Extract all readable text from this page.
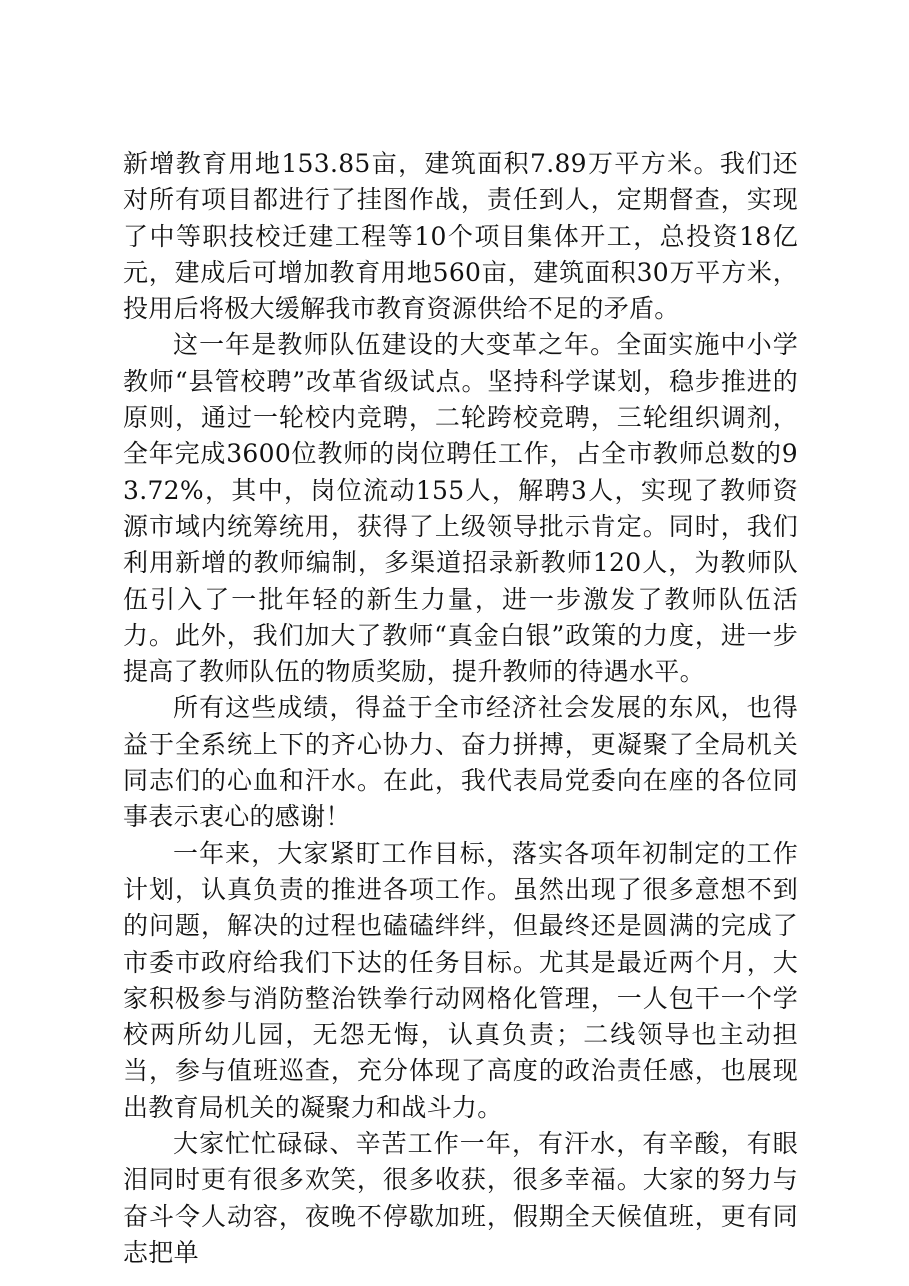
新增教育用地153.85亩，建筑面积7.89万平方米。我们还对所有项目都进行了挂图作战，责任到人，定期督查，实现了中等职技校迁建工程等10个项目集体开工，总投资18亿元，建成后可增加教育用地560亩，建筑面积30万平方米，投用后将极大缓解我市教育资源供给不足的矛盾。

这一年是教师队伍建设的大变革之年。全面实施中小学教师“县管校聘”改革省级试点。坚持科学谋划，稳步推进的原则，通过一轮校内竞聘，二轮跨校竞聘，三轮组织调剂，全年完成3600位教师的岗位聘任工作，占全市教师总数的93.72%，其中，岗位流动155人，解聘3人，实现了教师资源市域内统筹统用，获得了上级领导批示肯定。同时，我们利用新增的教师编制，多渠道招录新教师120人，为教师队伍引入了一批年轻的新生力量，进一步激发了教师队伍活力。此外，我们加大了教师“真金白银”政策的力度，进一步提高了教师队伍的物质奖励，提升教师的待遇水平。

所有这些成绩，得益于全市经济社会发展的东风，也得益于全系统上下的齐心协力、奋力拼搏，更凝聚了全局机关同志们的心血和汗水。在此，我代表局党委向在座的各位同事表示衷心的感谢！

一年来，大家紧盯工作目标，落实各项年初制定的工作计划，认真负责的推进各项工作。虽然出现了很多意想不到的问题，解决的过程也磕磕绊绊，但最终还是圆满的完成了市委市政府给我们下达的任务目标。尤其是最近两个月，大家积极参与消防整治铁拳行动网格化管理，一人包干一个学校两所幼儿园，无怨无悔，认真负责；二线领导也主动担当，参与值班巡查，充分体现了高度的政治责任感，也展现出教育局机关的凝聚力和战斗力。

大家忙忙碌碌、辛苦工作一年，有汗水，有辛酸，有眼泪同时更有很多欢笑，很多收获，很多幸福。大家的努力与奋斗令人动容，夜晚不停歇加班，假期全天候值班，更有同志把单
